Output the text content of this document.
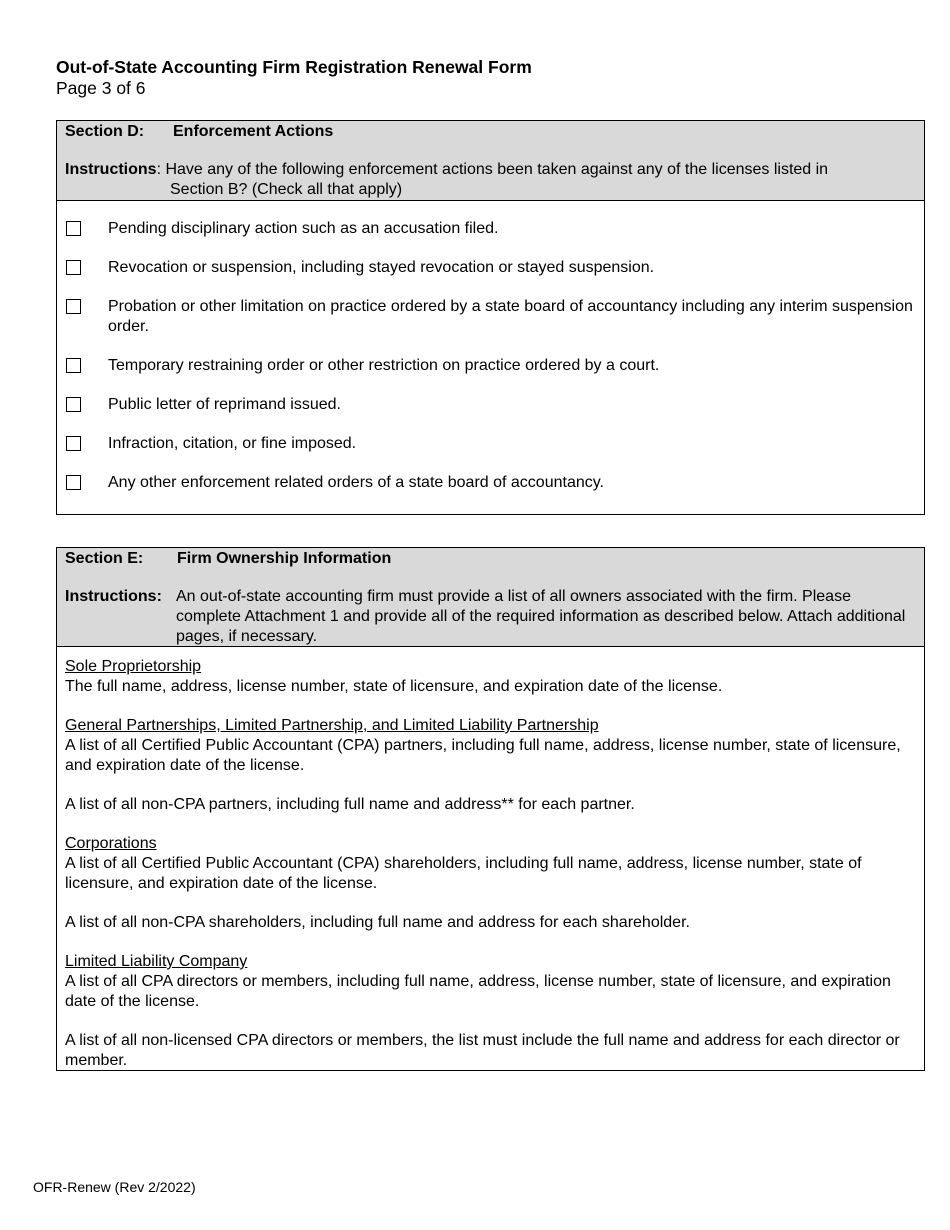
Out-of-State Accounting Firm Registration Renewal Form
Page 3 of 6
Section D: Enforcement Actions
Instructions: Have any of the following enforcement actions been taken against any of the licenses listed in
Section B? (Check all that apply)
Pending disciplinary action such as an accusation filed.
Revocation or suspension, including stayed revocation or stayed suspension.
Probation or other limitation on practice ordered by a state board of accountancy including any interim suspension order.
Temporary restraining order or other restriction on practice ordered by a court.
Public letter of reprimand issued.
Infraction, citation, or fine imposed.
Any other enforcement related orders of a state board of accountancy.
Section E: Firm Ownership Information
Instructions: An out-of-state accounting firm must provide a list of all owners associated with the firm. Please complete Attachment 1 and provide all of the required information as described below. Attach additional pages, if necessary.
Sole Proprietorship
The full name, address, license number, state of licensure, and expiration date of the license.
General Partnerships, Limited Partnership, and Limited Liability Partnership
A list of all Certified Public Accountant (CPA) partners, including full name, address, license number, state of licensure, and expiration date of the license.
A list of all non-CPA partners, including full name and address** for each partner.
Corporations
A list of all Certified Public Accountant (CPA) shareholders, including full name, address, license number, state of licensure, and expiration date of the license.
A list of all non-CPA shareholders, including full name and address for each shareholder.
Limited Liability Company
A list of all CPA directors or members, including full name, address, license number, state of licensure, and expiration date of the license.
A list of all non-licensed CPA directors or members, the list must include the full name and address for each director or member.
OFR-Renew (Rev 2/2022)
